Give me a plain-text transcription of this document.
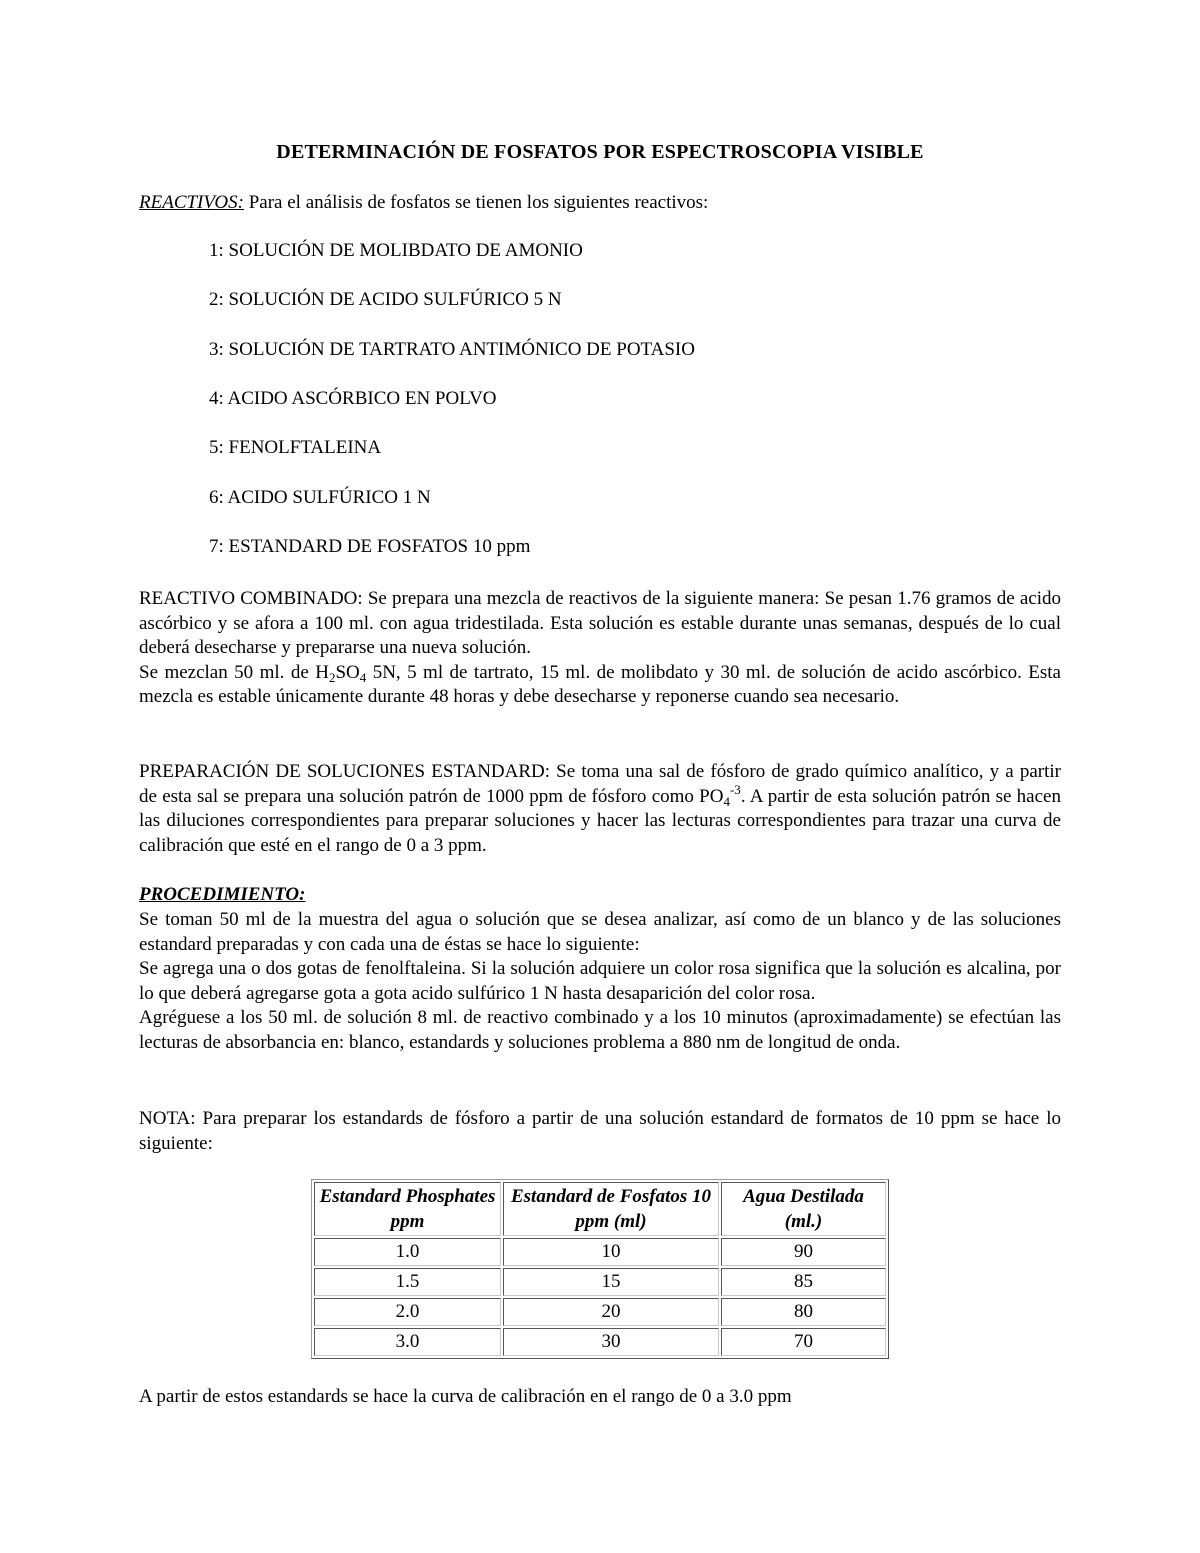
DETERMINACIÓN DE FOSFATOS POR ESPECTROSCOPIA VISIBLE
REACTIVOS: Para el análisis de fosfatos se tienen los siguientes reactivos:
1: SOLUCIÓN DE MOLIBDATO DE AMONIO
2: SOLUCIÓN DE ACIDO SULFÚRICO 5 N
3: SOLUCIÓN DE TARTRATO ANTIMÓNICO DE POTASIO
4: ACIDO ASCÓRBICO EN POLVO
5: FENOLFTALEINA
6: ACIDO SULFÚRICO 1 N
7: ESTANDARD DE FOSFATOS 10 ppm
REACTIVO COMBINADO: Se prepara una mezcla de reactivos de la siguiente manera: Se pesan 1.76 gramos de acido ascórbico y se afora a 100 ml. con agua tridestilada. Esta solución es estable durante unas semanas, después de lo cual deberá desecharse y prepararse una nueva solución.
Se mezclan 50 ml. de $H_2SO_4$ 5N, 5 ml de tartrato, 15 ml. de molibdato y 30 ml. de solución de acido ascórbico. Esta mezcla es estable únicamente durante 48 horas y debe desecharse y reponerse cuando sea necesario.
PREPARACIÓN DE SOLUCIONES ESTANDARD: Se toma una sal de fósforo de grado químico analítico, y a partir de esta sal se prepara una solución patrón de 1000 ppm de fósforo como $PO_4^{-3}$. A partir de esta solución patrón se hacen las diluciones correspondientes para preparar soluciones y hacer las lecturas correspondientes para trazar una curva de calibración que esté en el rango de 0 a 3 ppm.
PROCEDIMIENTO:
Se toman 50 ml de la muestra del agua o solución que se desea analizar, así como de un blanco y de las soluciones estandard preparadas y con cada una de éstas se hace lo siguiente:
Se agrega una o dos gotas de fenolftaleina. Si la solución adquiere un color rosa significa que la solución es alcalina, por lo que deberá agregarse gota a gota acido sulfúrico 1 N hasta desaparición del color rosa.
Agréguese a los 50 ml. de solución 8 ml. de reactivo combinado y a los 10 minutos (aproximadamente) se efectúan las lecturas de absorbancia en: blanco, estandards y soluciones problema a 880 nm de longitud de onda.
NOTA: Para preparar los estandards de fósforo a partir de una solución estandard de formatos de 10 ppm se hace lo siguiente:
Estandard Phosphates ppm	Estandard de Fosfatos 10 ppm (ml)	Agua Destilada (ml.)
1.0	10	90
1.5	15	85
2.0	20	80
3.0	30	70
A partir de estos estandards se hace la curva de calibración en el rango de 0 a 3.0 ppm
